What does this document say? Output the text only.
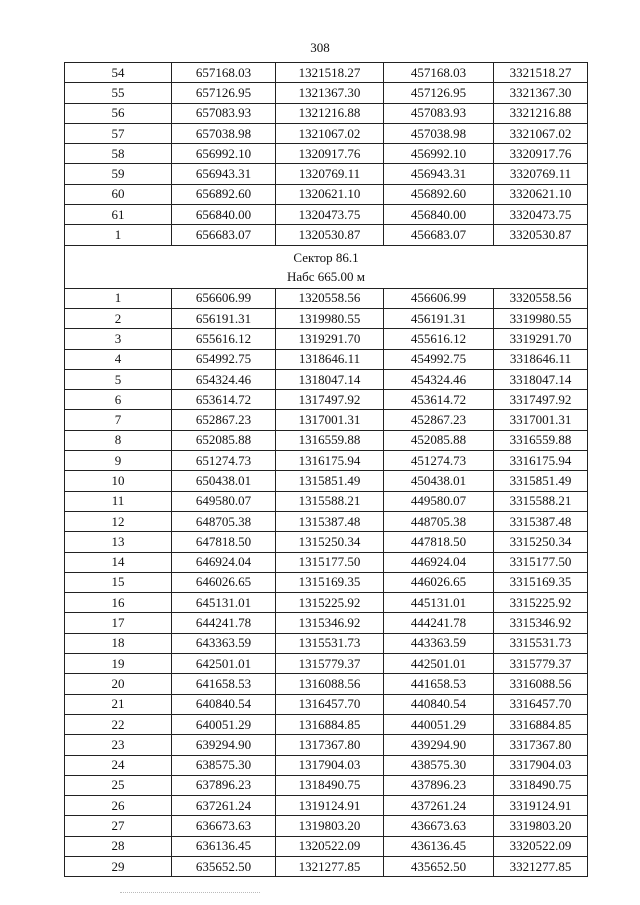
308
54	657168.03	1321518.27	457168.03	3321518.27
55	657126.95	1321367.30	457126.95	3321367.30
56	657083.93	1321216.88	457083.93	3321216.88
57	657038.98	1321067.02	457038.98	3321067.02
58	656992.10	1320917.76	456992.10	3320917.76
59	656943.31	1320769.11	456943.31	3320769.11
60	656892.60	1320621.10	456892.60	3320621.10
61	656840.00	1320473.75	456840.00	3320473.75
1	656683.07	1320530.87	456683.07	3320530.87

Сектор 86.1
Набс 665.00 м				

1	656606.99	1320558.56	456606.99	3320558.56
2	656191.31	1319980.55	456191.31	3319980.55
3	655616.12	1319291.70	455616.12	3319291.70
4	654992.75	1318646.11	454992.75	3318646.11
5	654324.46	1318047.14	454324.46	3318047.14
6	653614.72	1317497.92	453614.72	3317497.92
7	652867.23	1317001.31	452867.23	3317001.31
8	652085.88	1316559.88	452085.88	3316559.88
9	651274.73	1316175.94	451274.73	3316175.94
10	650438.01	1315851.49	450438.01	3315851.49
11	649580.07	1315588.21	449580.07	3315588.21
12	648705.38	1315387.48	448705.38	3315387.48
13	647818.50	1315250.34	447818.50	3315250.34
14	646924.04	1315177.50	446924.04	3315177.50
15	646026.65	1315169.35	446026.65	3315169.35
16	645131.01	1315225.92	445131.01	3315225.92
17	644241.78	1315346.92	444241.78	3315346.92
18	643363.59	1315531.73	443363.59	3315531.73
19	642501.01	1315779.37	442501.01	3315779.37
20	641658.53	1316088.56	441658.53	3316088.56
21	640840.54	1316457.70	440840.54	3316457.70
22	640051.29	1316884.85	440051.29	3316884.85
23	639294.90	1317367.80	439294.90	3317367.80
24	638575.30	1317904.03	438575.30	3317904.03
25	637896.23	1318490.75	437896.23	3318490.75
26	637261.24	1319124.91	437261.24	3319124.91
27	636673.63	1319803.20	436673.63	3319803.20
28	636136.45	1320522.09	436136.45	3320522.09
29	635652.50	1321277.85	435652.50	3321277.85
